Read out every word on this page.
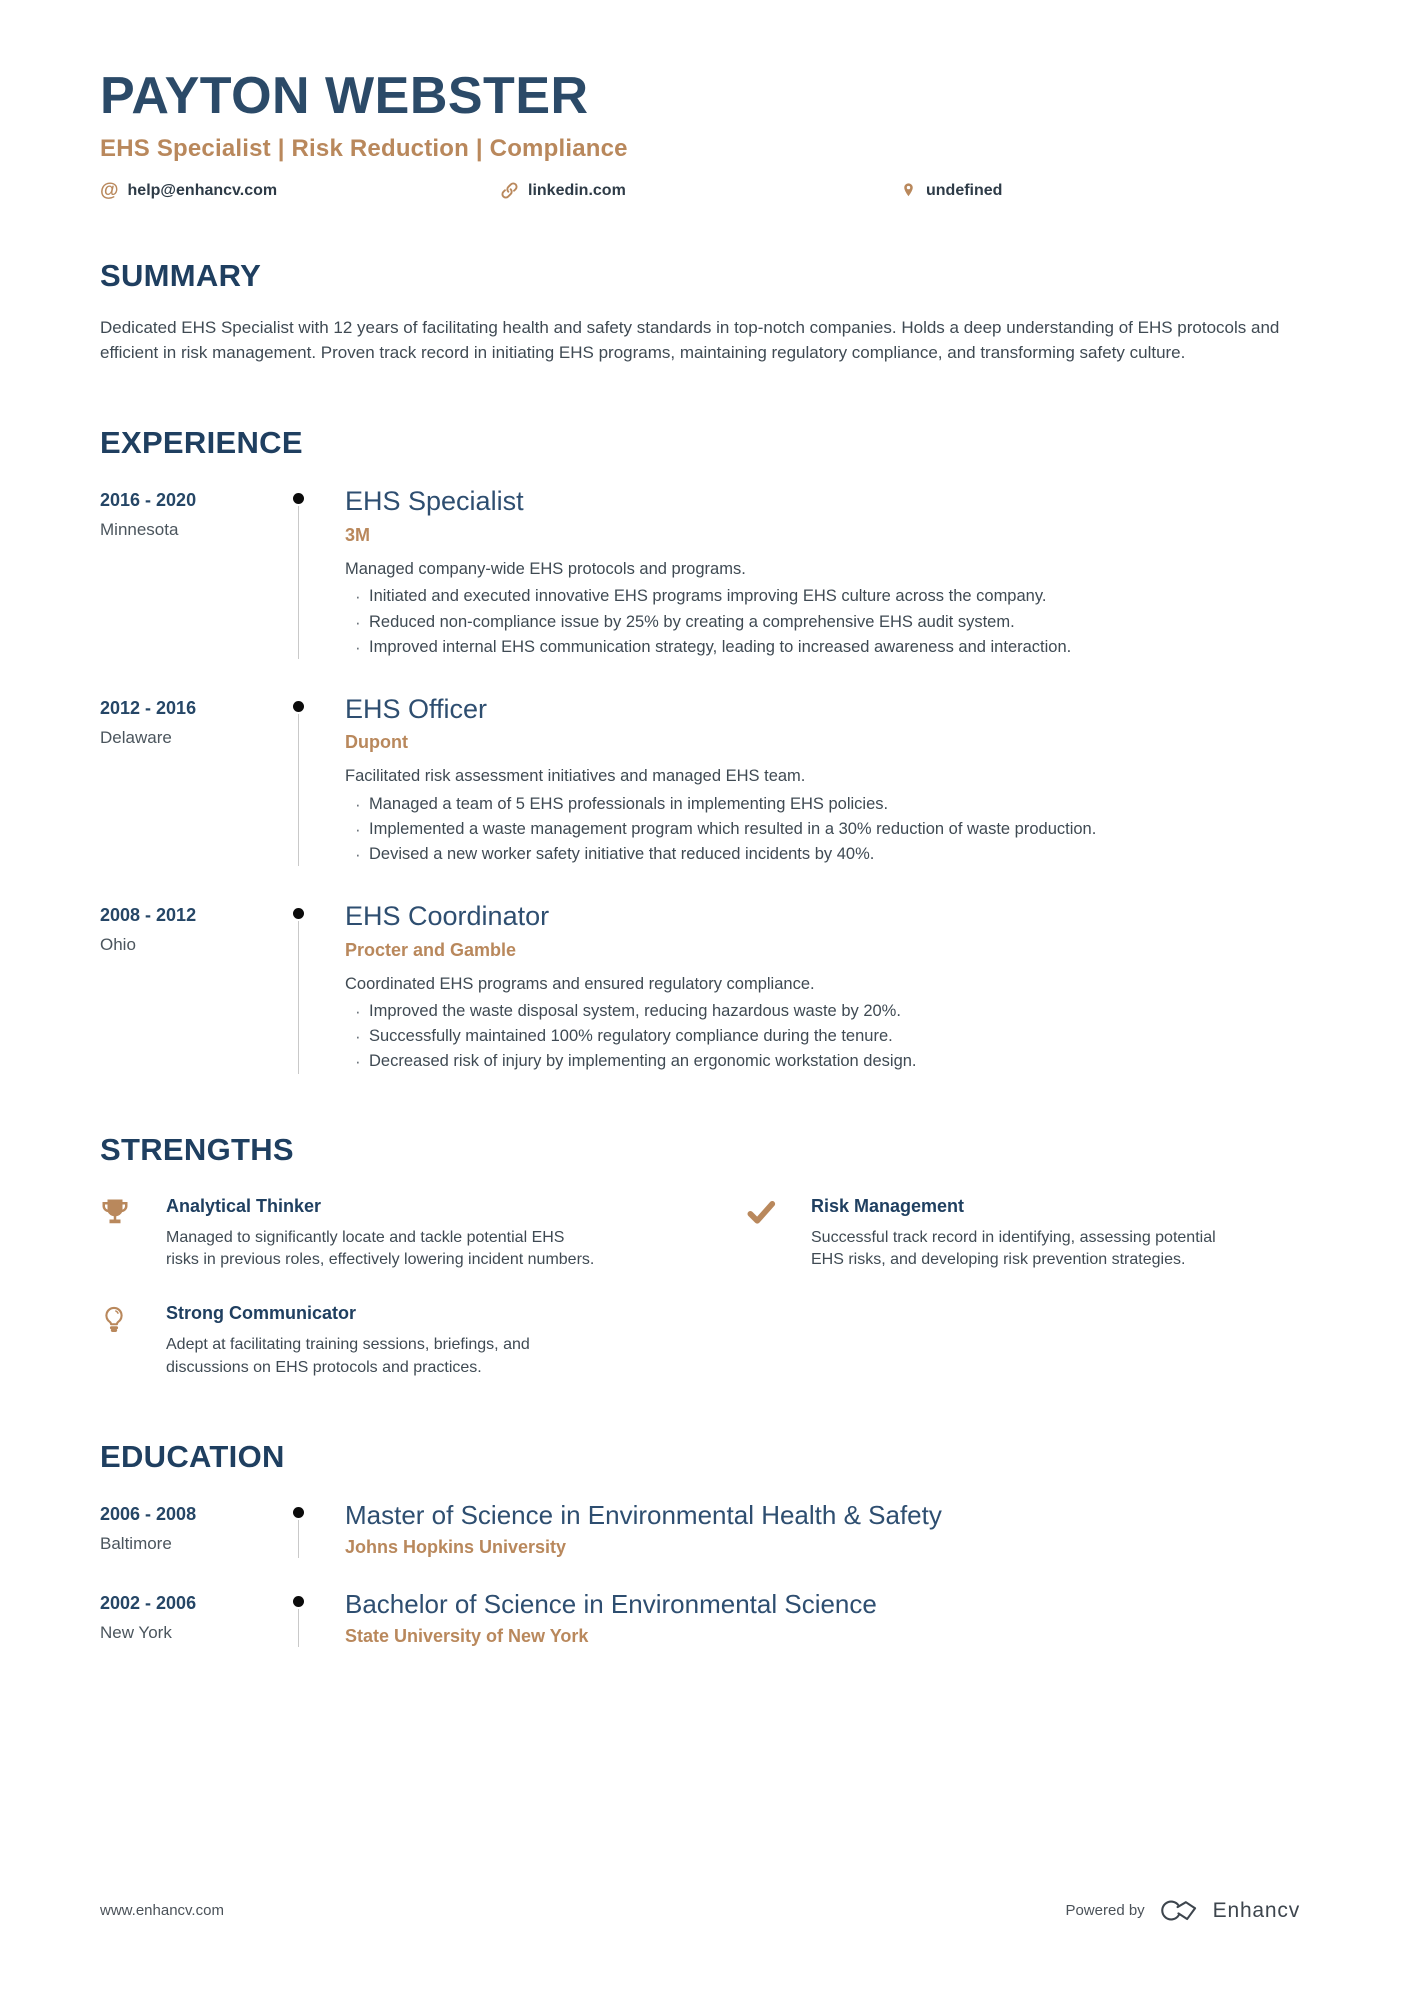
PAYTON WEBSTER
EHS Specialist | Risk Reduction | Compliance
@ help@enhancv.com	linkedin.com	undefined
SUMMARY
Dedicated EHS Specialist with 12 years of facilitating health and safety standards in top-notch companies. Holds a deep understanding of EHS protocols and efficient in risk management. Proven track record in initiating EHS programs, maintaining regulatory compliance, and transforming safety culture.
EXPERIENCE
2016 - 2020
Minnesota
EHS Specialist
3M
Managed company-wide EHS protocols and programs.
· Initiated and executed innovative EHS programs improving EHS culture across the company.
· Reduced non-compliance issue by 25% by creating a comprehensive EHS audit system.
· Improved internal EHS communication strategy, leading to increased awareness and interaction.
2012 - 2016
Delaware
EHS Officer
Dupont
Facilitated risk assessment initiatives and managed EHS team.
· Managed a team of 5 EHS professionals in implementing EHS policies.
· Implemented a waste management program which resulted in a 30% reduction of waste production.
· Devised a new worker safety initiative that reduced incidents by 40%.
2008 - 2012
Ohio
EHS Coordinator
Procter and Gamble
Coordinated EHS programs and ensured regulatory compliance.
· Improved the waste disposal system, reducing hazardous waste by 20%.
· Successfully maintained 100% regulatory compliance during the tenure.
· Decreased risk of injury by implementing an ergonomic workstation design.
STRENGTHS
Analytical Thinker
Managed to significantly locate and tackle potential EHS risks in previous roles, effectively lowering incident numbers.
Risk Management
Successful track record in identifying, assessing potential EHS risks, and developing risk prevention strategies.
Strong Communicator
Adept at facilitating training sessions, briefings, and discussions on EHS protocols and practices.
EDUCATION
2006 - 2008
Baltimore
Master of Science in Environmental Health & Safety
Johns Hopkins University
2002 - 2006
New York
Bachelor of Science in Environmental Science
State University of New York
www.enhancv.com	Powered by	Enhancv
